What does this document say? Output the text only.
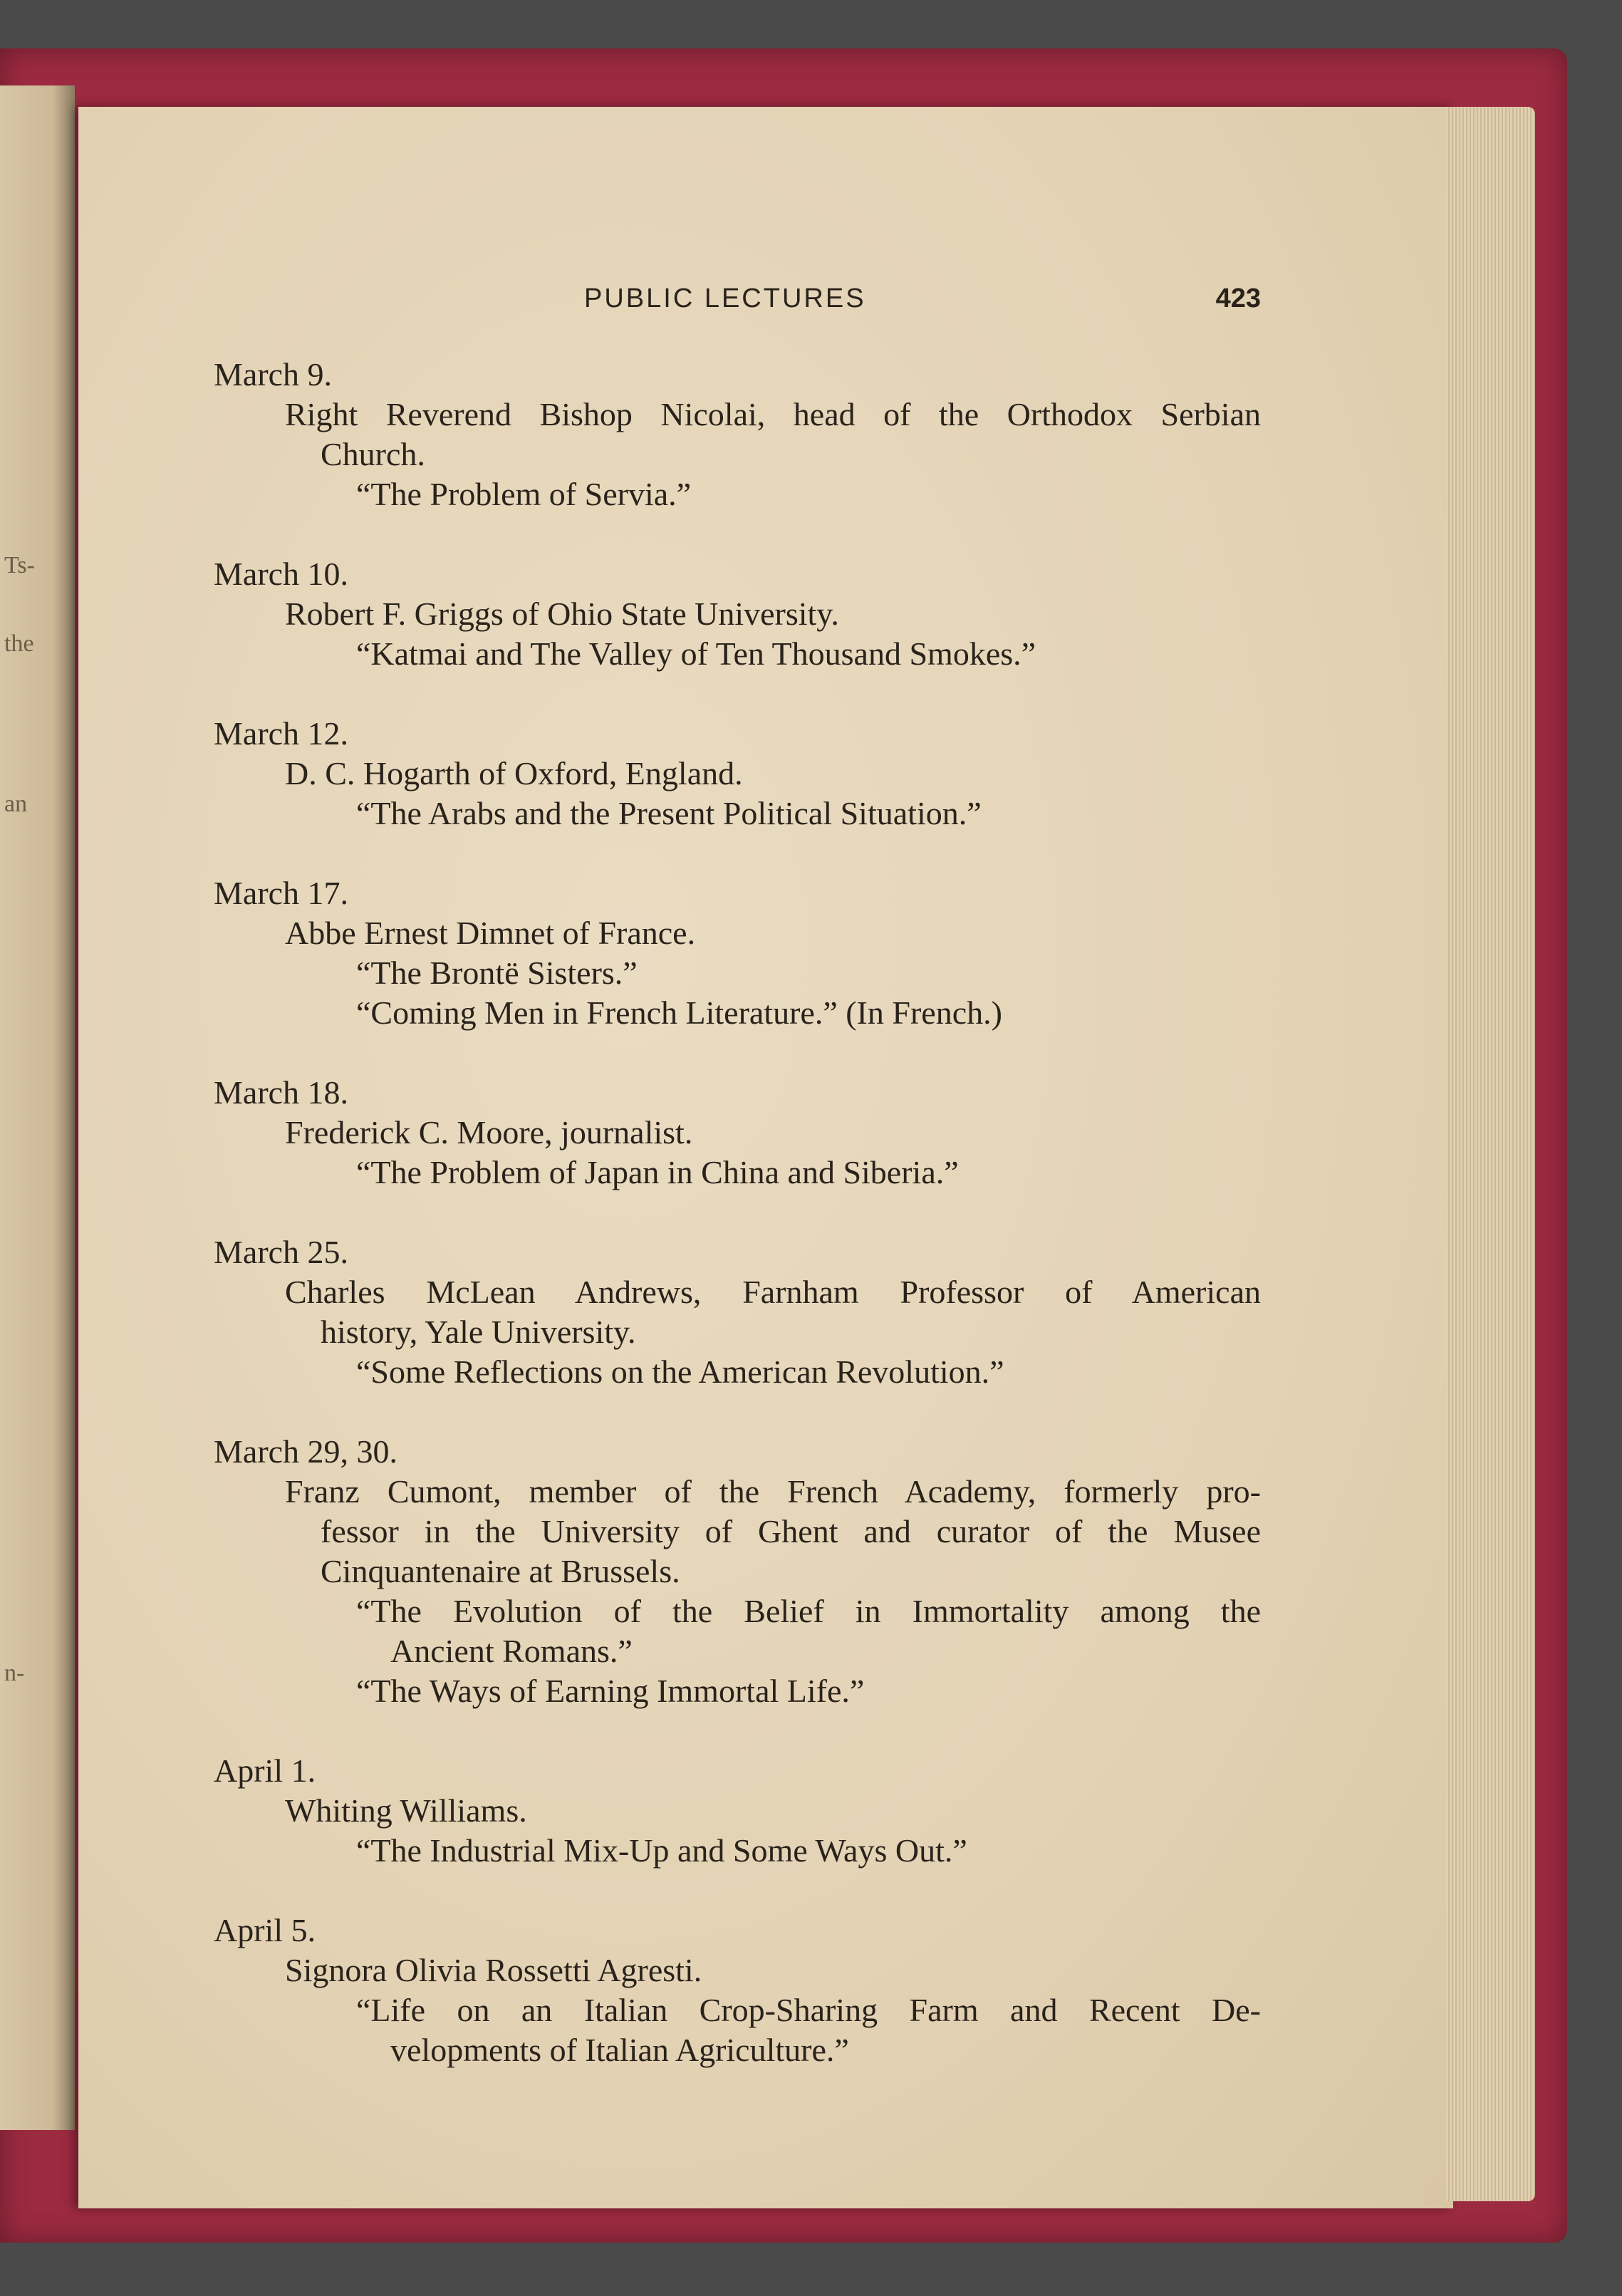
Ts-
the
an
n-
PUBLIC LECTURES	423
March 9.
Right Reverend Bishop Nicolai, head of the Orthodox Serbian
Church.
“The Problem of Servia.”
March 10.
Robert F. Griggs of Ohio State University.
“Katmai and The Valley of Ten Thousand Smokes.”
March 12.
D. C. Hogarth of Oxford, England.
“The Arabs and the Present Political Situation.”
March 17.
Abbe Ernest Dimnet of France.
“The Brontë Sisters.”
“Coming Men in French Literature.” (In French.)
March 18.
Frederick C. Moore, journalist.
“The Problem of Japan in China and Siberia.”
March 25.
Charles McLean Andrews, Farnham Professor of American
history, Yale University.
“Some Reflections on the American Revolution.”
March 29, 30.
Franz Cumont, member of the French Academy, formerly pro-
fessor in the University of Ghent and curator of the Musee
Cinquantenaire at Brussels.
“The Evolution of the Belief in Immortality among the
Ancient Romans.”
“The Ways of Earning Immortal Life.”
April 1.
Whiting Williams.
“The Industrial Mix-Up and Some Ways Out.”
April 5.
Signora Olivia Rossetti Agresti.
“Life on an Italian Crop-Sharing Farm and Recent De-
velopments of Italian Agriculture.”
